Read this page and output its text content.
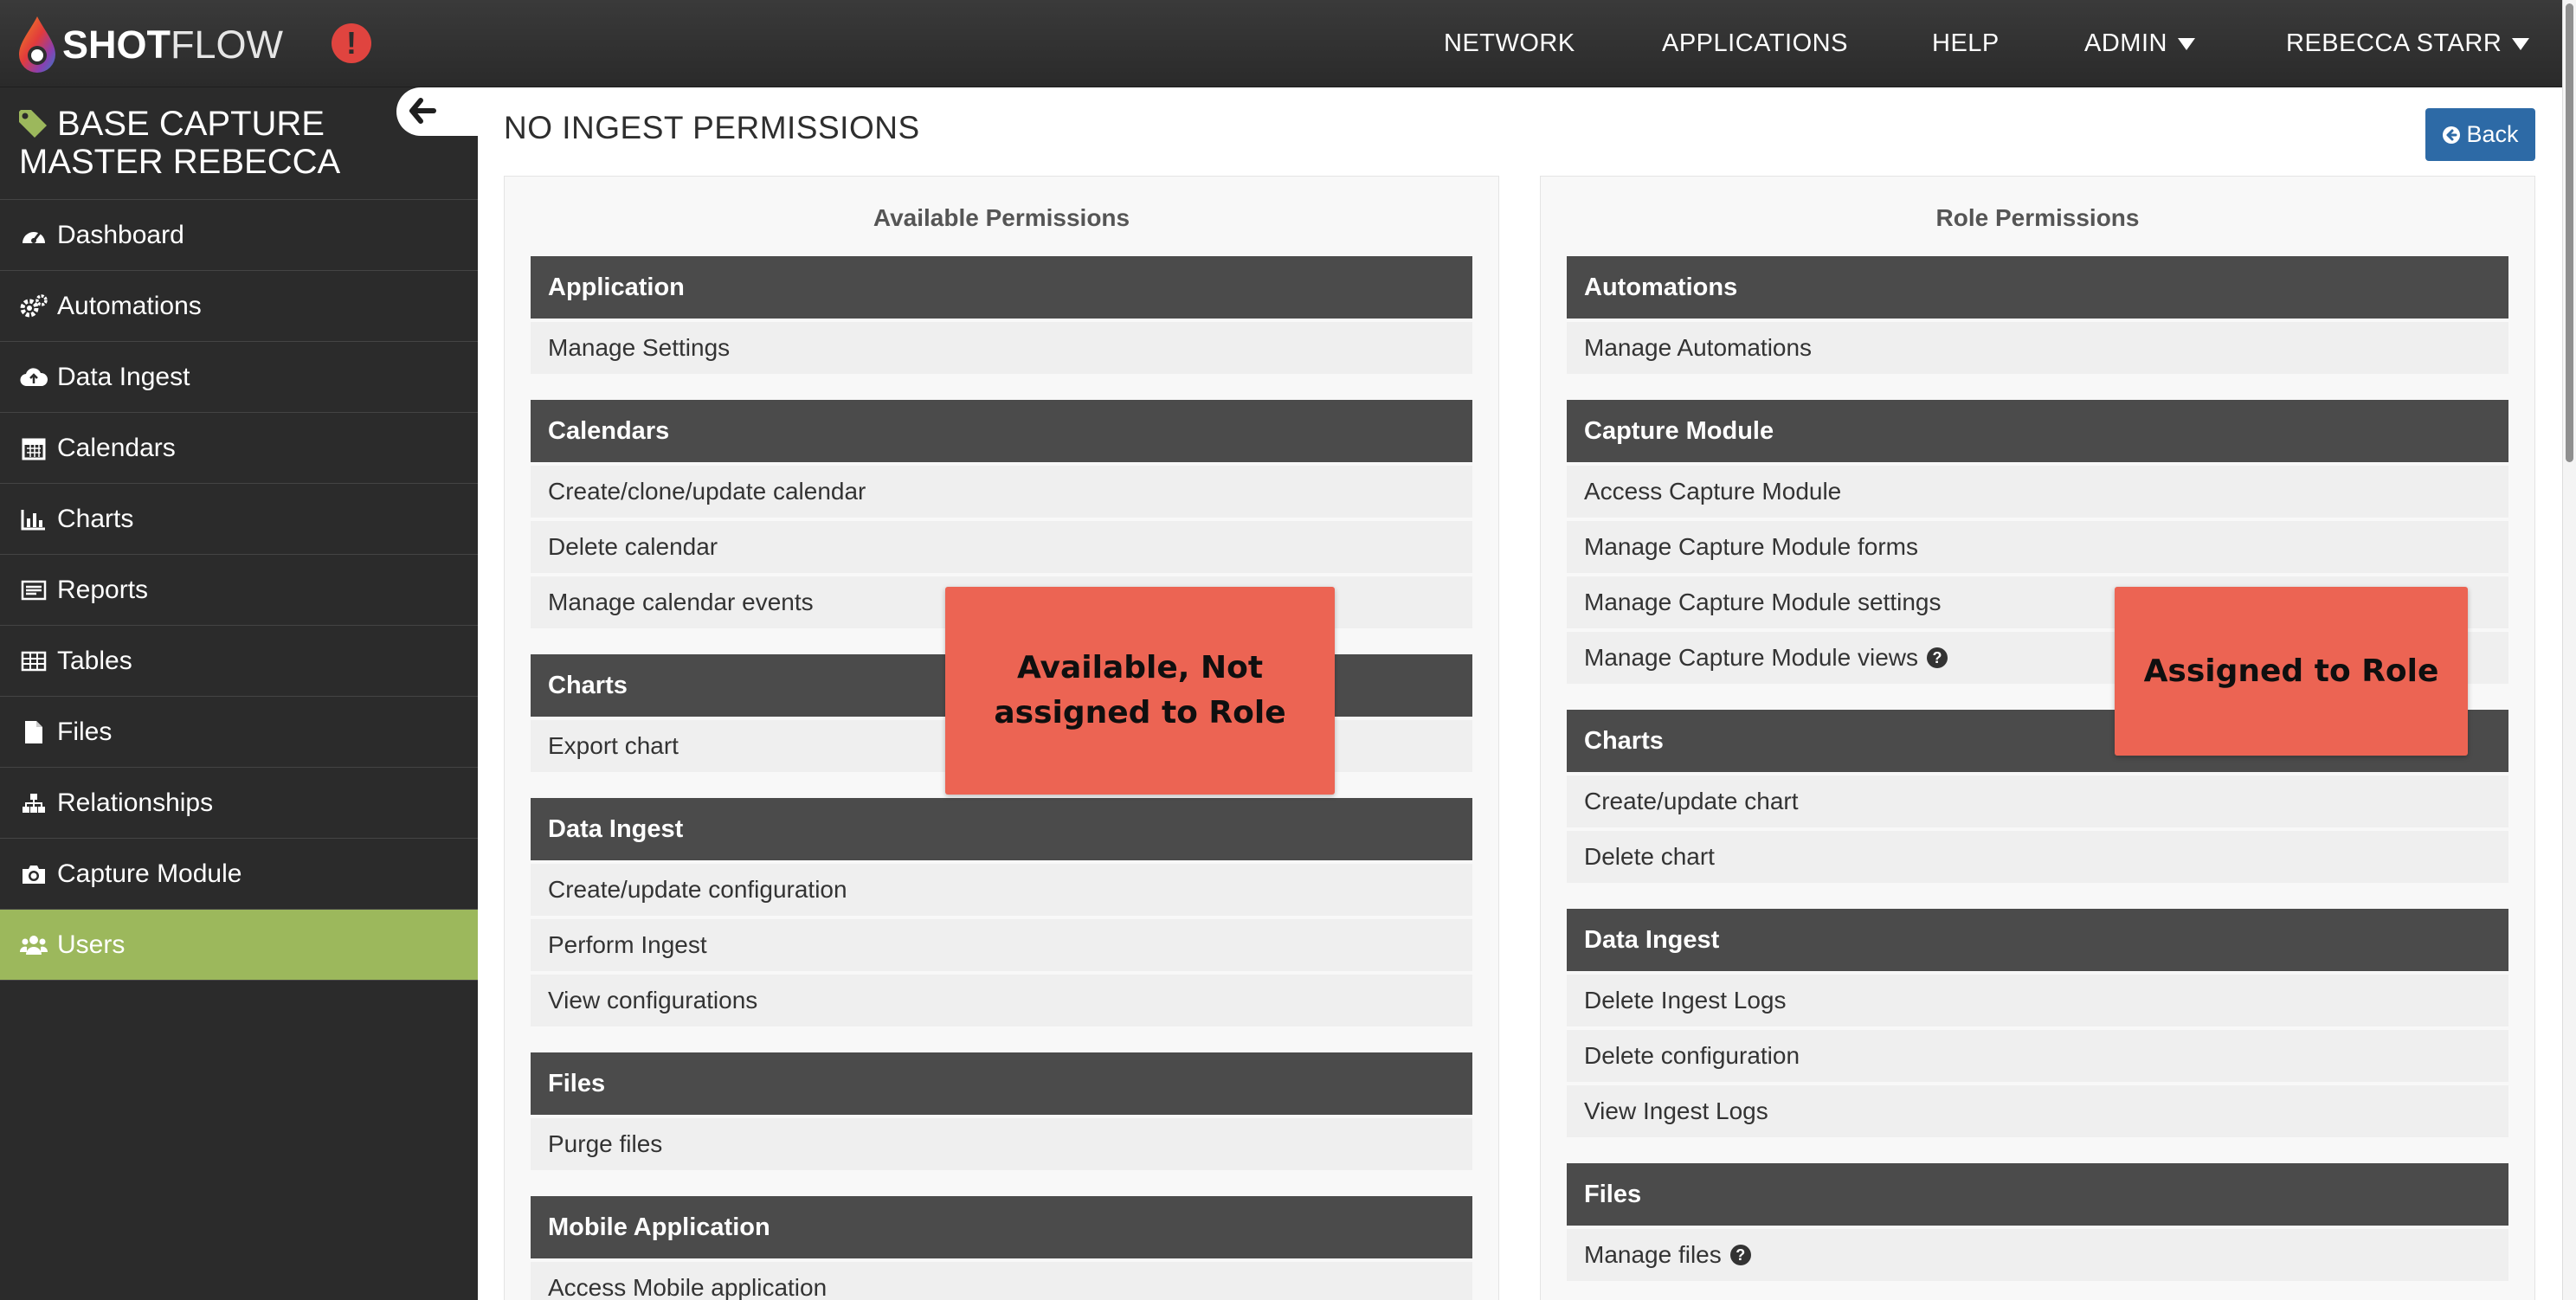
SHOTFLOW	!	NETWORK	APPLICATIONS	HELP	ADMIN	REBECCA STARR
BASE CAPTURE MASTER REBECCA
Dashboard
Automations
Data Ingest
Calendars
Charts
Reports
Tables
Files
Relationships
Capture Module
Users
NO INGEST PERMISSIONS	Back
Available Permissions
Application
Manage Settings
Calendars
Create/clone/update calendar
Delete calendar
Manage calendar events
Charts
Export chart
Data Ingest
Create/update configuration
Perform Ingest
View configurations
Files
Purge files
Mobile Application
Access Mobile application
Role Permissions
Automations
Manage Automations
Capture Module
Access Capture Module
Manage Capture Module forms
Manage Capture Module settings
Manage Capture Module views ?
Charts
Create/update chart
Delete chart
Data Ingest
Delete Ingest Logs
Delete configuration
View Ingest Logs
Files
Manage files ?
Available, Not assigned to Role
Assigned to Role
